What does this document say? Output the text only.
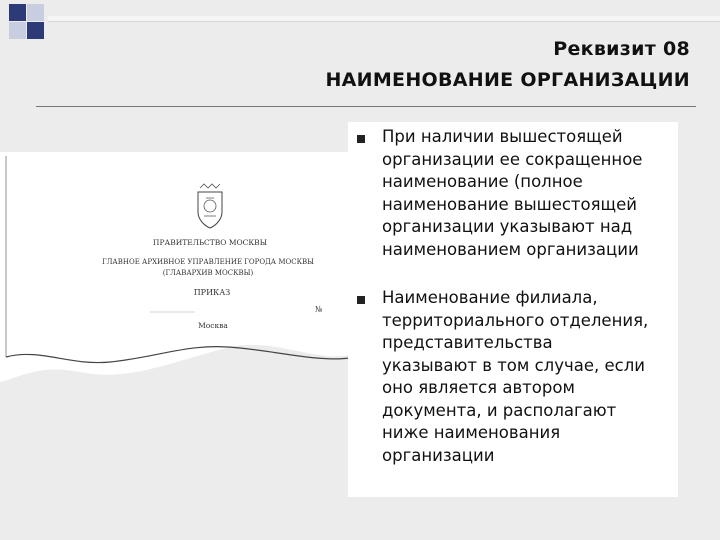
Реквизит 08
НАИМЕНОВАНИЕ ОРГАНИЗАЦИИ
ПРАВИТЕЛЬСТВО МОСКВЫ
ГЛАВНОЕ АРХИВНОЕ УПРАВЛЕНИЕ ГОРОДА МОСКВЫ
(ГЛАВАРХИВ МОСКВЫ)
ПРИКАЗ
№
Москва
При наличии вышестоящей
организации ее сокращенное
наименование (полное
наименование вышестоящей
организации указывают над
наименованием организации
Наименование филиала,
территориального отделения,
представительства
указывают в том случае, если
оно является автором
документа, и располагают
ниже наименования
организации
